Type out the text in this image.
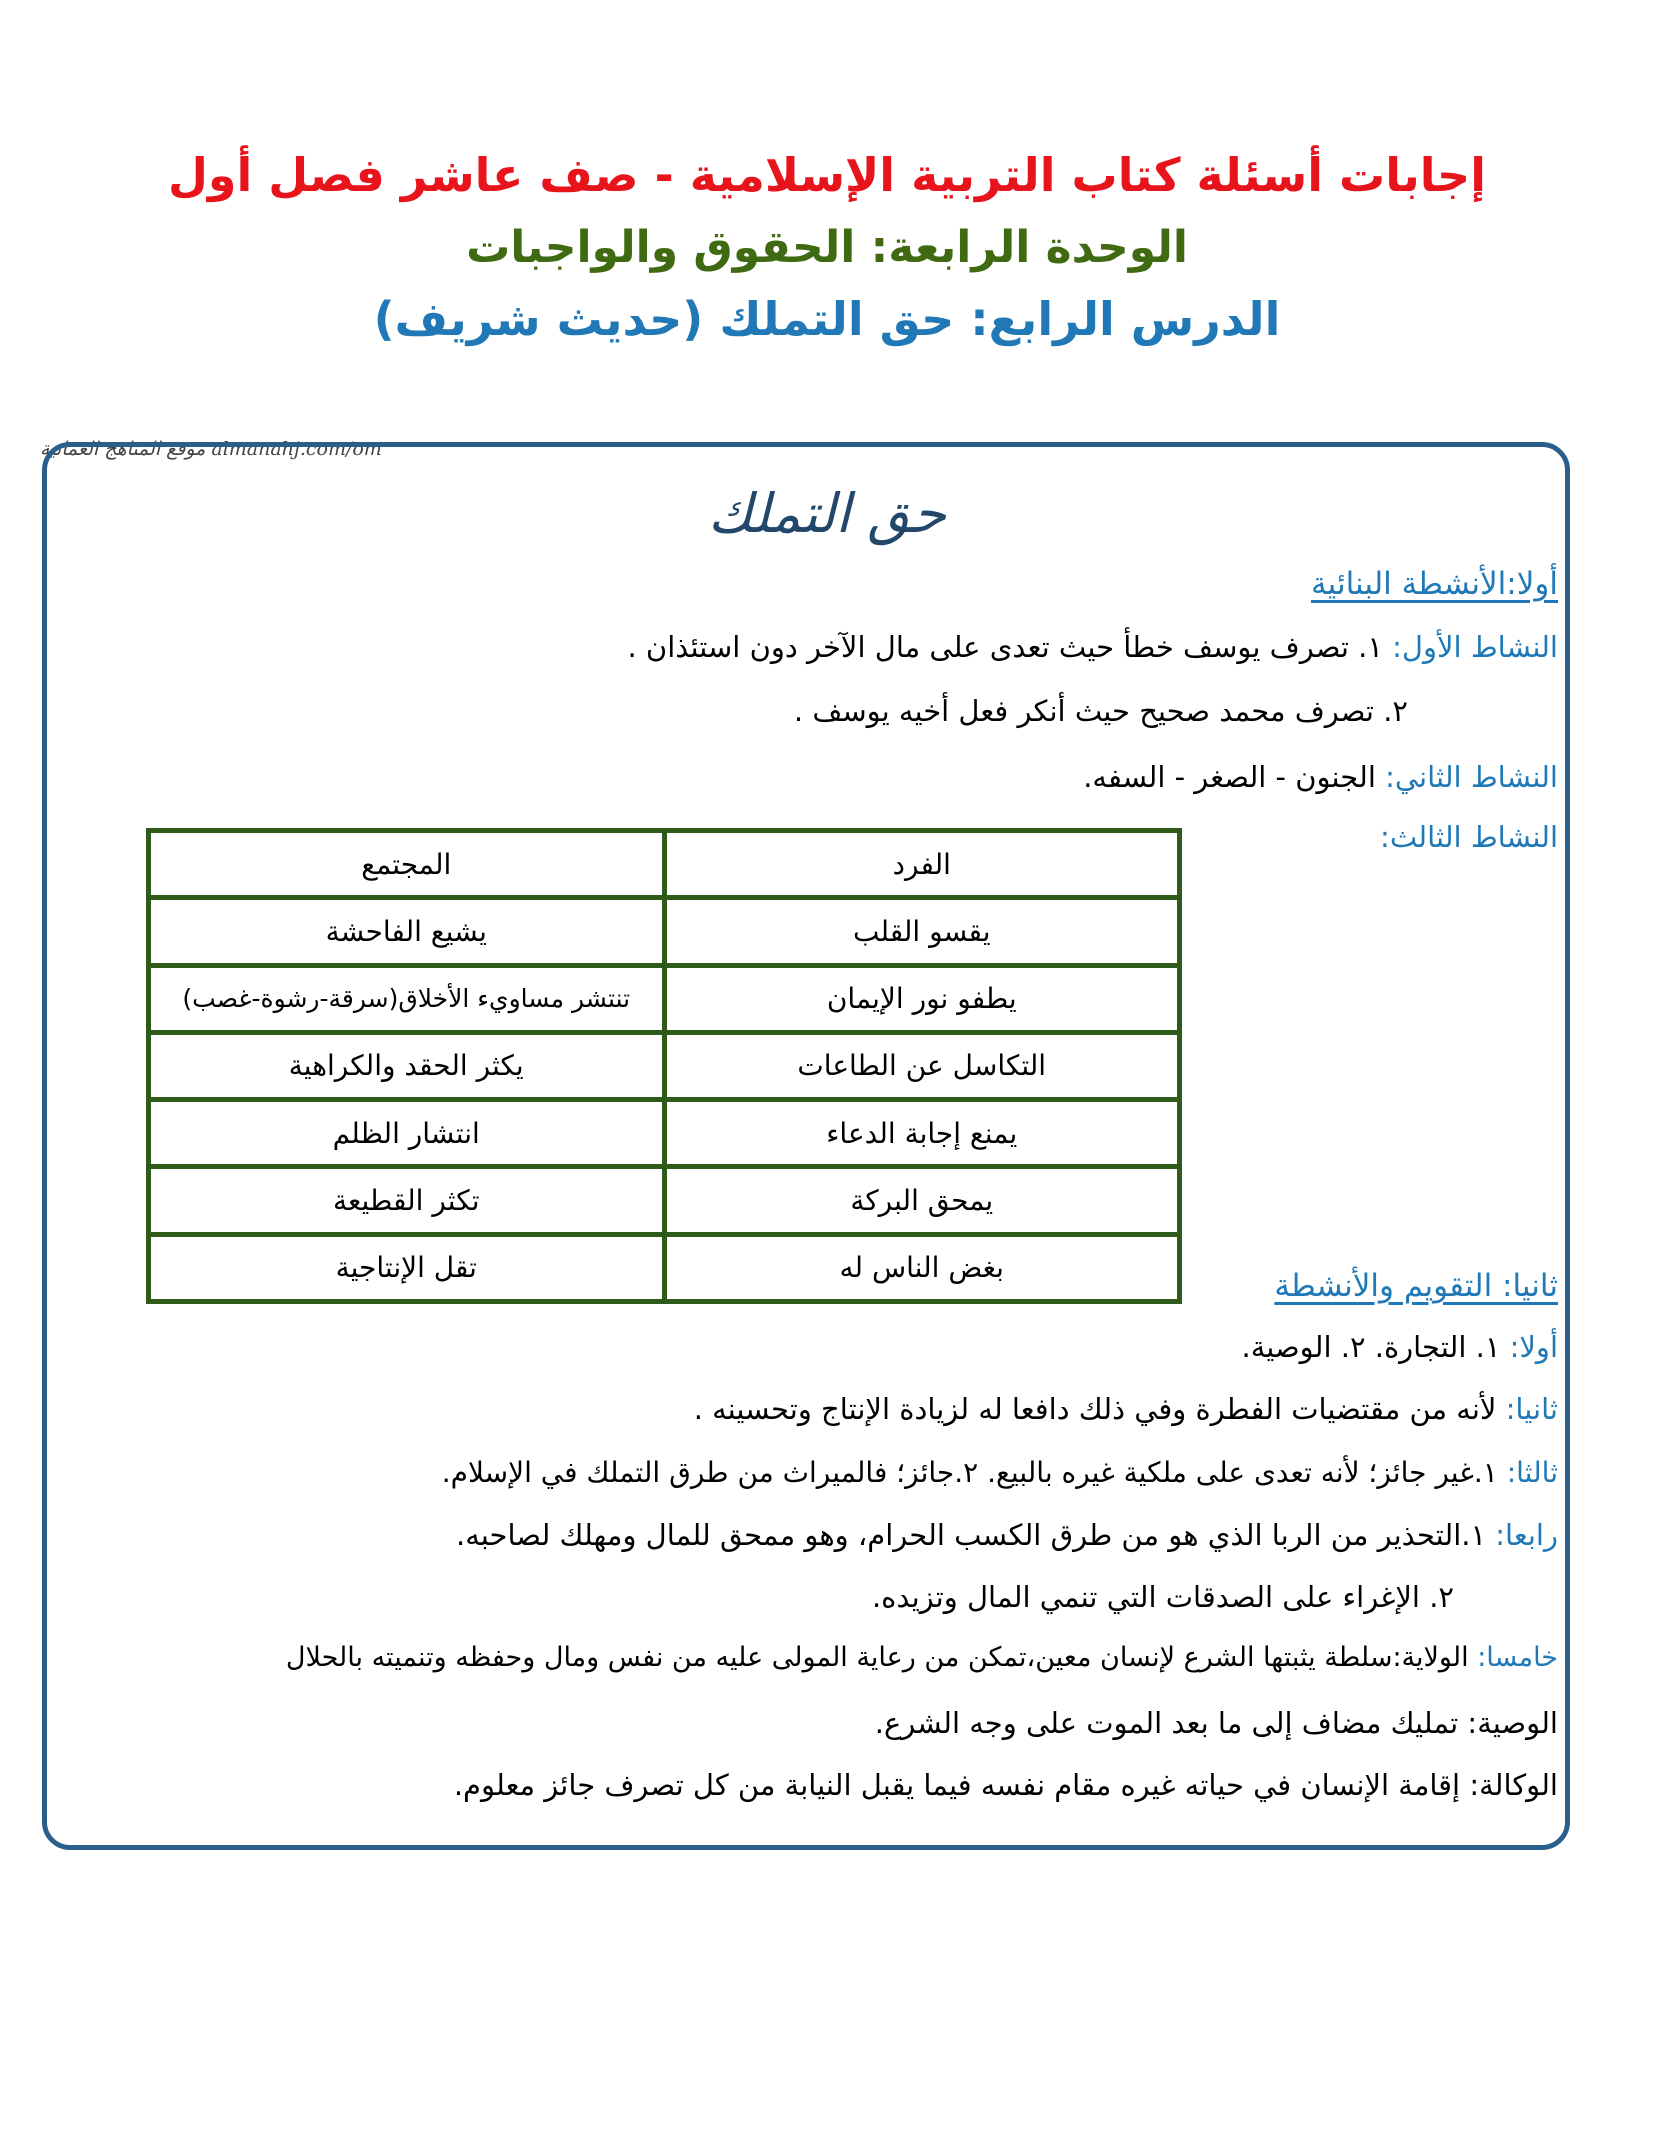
إجابات أسئلة كتاب التربية الإسلامية - صف عاشر فصل أول
الوحدة الرابعة: الحقوق والواجبات
الدرس الرابع: حق التملك (حديث شريف)
موقع المناهج العمانية almanahj.com/om
حق التملك
أولا:الأنشطة البنائية
النشاط الأول: ١. تصرف يوسف خطأ حيث تعدى على مال الآخر دون استئذان .
٢. تصرف محمد صحيح حيث أنكر فعل أخيه يوسف .
النشاط الثاني: الجنون - الصغر - السفه.
النشاط الثالث:
الفرد	المجتمع
يقسو القلب	يشيع الفاحشة
يطفو نور الإيمان	تنتشر مساويء الأخلاق(سرقة-رشوة-غصب)
التكاسل عن الطاعات	يكثر الحقد والكراهية
يمنع إجابة الدعاء	انتشار الظلم
يمحق البركة	تكثر القطيعة
بغض الناس له	تقل الإنتاجية
ثانيا: التقويم والأنشطة
أولا: ١. التجارة. ٢. الوصية.
ثانيا: لأنه من مقتضيات الفطرة وفي ذلك دافعا له لزيادة الإنتاج وتحسينه .
ثالثا: ١.غير جائز؛ لأنه تعدى على ملكية غيره بالبيع. ٢.جائز؛ فالميراث من طرق التملك في الإسلام.
رابعا: ١.التحذير من الربا الذي هو من طرق الكسب الحرام، وهو ممحق للمال ومهلك لصاحبه.
٢. الإغراء على الصدقات التي تنمي المال وتزيده.
خامسا: الولاية:سلطة يثبتها الشرع لإنسان معين،تمكن من رعاية المولى عليه من نفس ومال وحفظه وتنميته بالحلال
الوصية: تمليك مضاف إلى ما بعد الموت على وجه الشرع.
الوكالة: إقامة الإنسان في حياته غيره مقام نفسه فيما يقبل النيابة من كل تصرف جائز معلوم.
